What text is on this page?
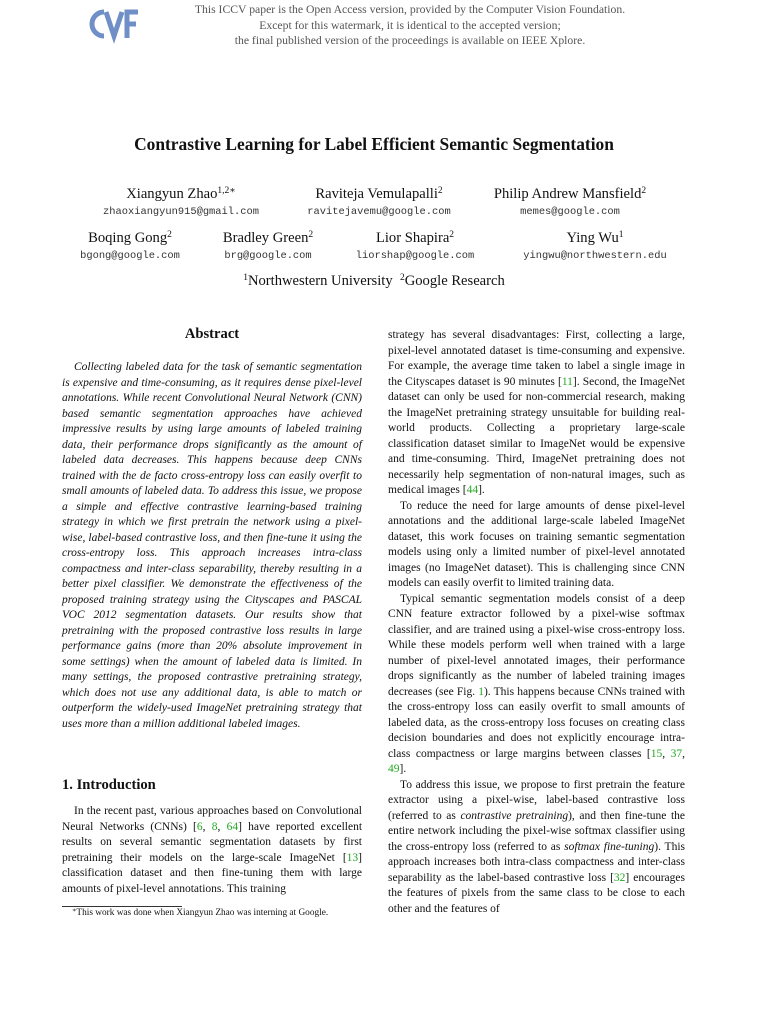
This ICCV paper is the Open Access version, provided by the Computer Vision Foundation.
Except for this watermark, it is identical to the accepted version;
the final published version of the proceedings is available on IEEE Xplore.
Contrastive Learning for Label Efficient Semantic Segmentation
Xiangyun Zhao$^{1,2∗}$
zhaoxiangyun915@gmail.com
Raviteja Vemulapalli$^2$
ravitejavemu@google.com
Philip Andrew Mansfield$^2$
memes@google.com
Boqing Gong$^2$
bgong@google.com
Bradley Green$^2$
brg@google.com
Lior Shapira$^2$
liorshap@google.com
Ying Wu$^1$
yingwu@northwestern.edu
$^1$Northwestern University $^2$Google Research
Abstract
Collecting labeled data for the task of semantic segmentation is expensive and time-consuming, as it requires dense pixel-level annotations. While recent Convolutional Neural Network (CNN) based semantic segmentation approaches have achieved impressive results by using large amounts of labeled training data, their performance drops significantly as the amount of labeled data decreases. This happens because deep CNNs trained with the de facto cross-entropy loss can easily overfit to small amounts of labeled data. To address this issue, we propose a simple and effective contrastive learning-based training strategy in which we first pretrain the network using a pixel-wise, label-based contrastive loss, and then fine-tune it using the cross-entropy loss. This approach increases intra-class compactness and inter-class separability, thereby resulting in a better pixel classifier. We demonstrate the effectiveness of the proposed training strategy using the Cityscapes and PASCAL VOC 2012 segmentation datasets. Our results show that pretraining with the proposed contrastive loss results in large performance gains (more than 20% absolute improvement in some settings) when the amount of labeled data is limited. In many settings, the proposed contrastive pretraining strategy, which does not use any additional data, is able to match or outperform the widely-used ImageNet pretraining strategy that uses more than a million additional labeled images.
1. Introduction
In the recent past, various approaches based on Convolutional Neural Networks (CNNs) [6, 8, 64] have reported excellent results on several semantic segmentation datasets by first pretraining their models on the large-scale ImageNet [13] classification dataset and then fine-tuning them with large amounts of pixel-level annotations. This training
∗This work was done when Xiangyun Zhao was interning at Google.

strategy has several disadvantages: First, collecting a large, pixel-level annotated dataset is time-consuming and expensive. For example, the average time taken to label a single image in the Cityscapes dataset is 90 minutes [11]. Second, the ImageNet dataset can only be used for non-commercial research, making the ImageNet pretraining strategy unsuitable for building real-world products. Collecting a proprietary large-scale classification dataset similar to ImageNet would be expensive and time-consuming. Third, ImageNet pretraining does not necessarily help segmentation of non-natural images, such as medical images [44].

To reduce the need for large amounts of dense pixel-level annotations and the additional large-scale labeled ImageNet dataset, this work focuses on training semantic segmentation models using only a limited number of pixel-level annotated images (no ImageNet dataset). This is challenging since CNN models can easily overfit to limited training data.

Typical semantic segmentation models consist of a deep CNN feature extractor followed by a pixel-wise softmax classifier, and are trained using a pixel-wise cross-entropy loss. While these models perform well when trained with a large number of pixel-level annotated images, their performance drops significantly as the number of labeled training images decreases (see Fig. 1). This happens because CNNs trained with the cross-entropy loss can easily overfit to small amounts of labeled data, as the cross-entropy loss focuses on creating class decision boundaries and does not explicitly encourage intra-class compactness or large margins between classes [15, 37, 49].

To address this issue, we propose to first pretrain the feature extractor using a pixel-wise, label-based contrastive loss (referred to as contrastive pretraining), and then fine-tune the entire network including the pixel-wise softmax classifier using the cross-entropy loss (referred to as softmax fine-tuning). This approach increases both intra-class compactness and inter-class separability as the label-based contrastive loss [32] encourages the features of pixels from the same class to be close to each other and the features of
